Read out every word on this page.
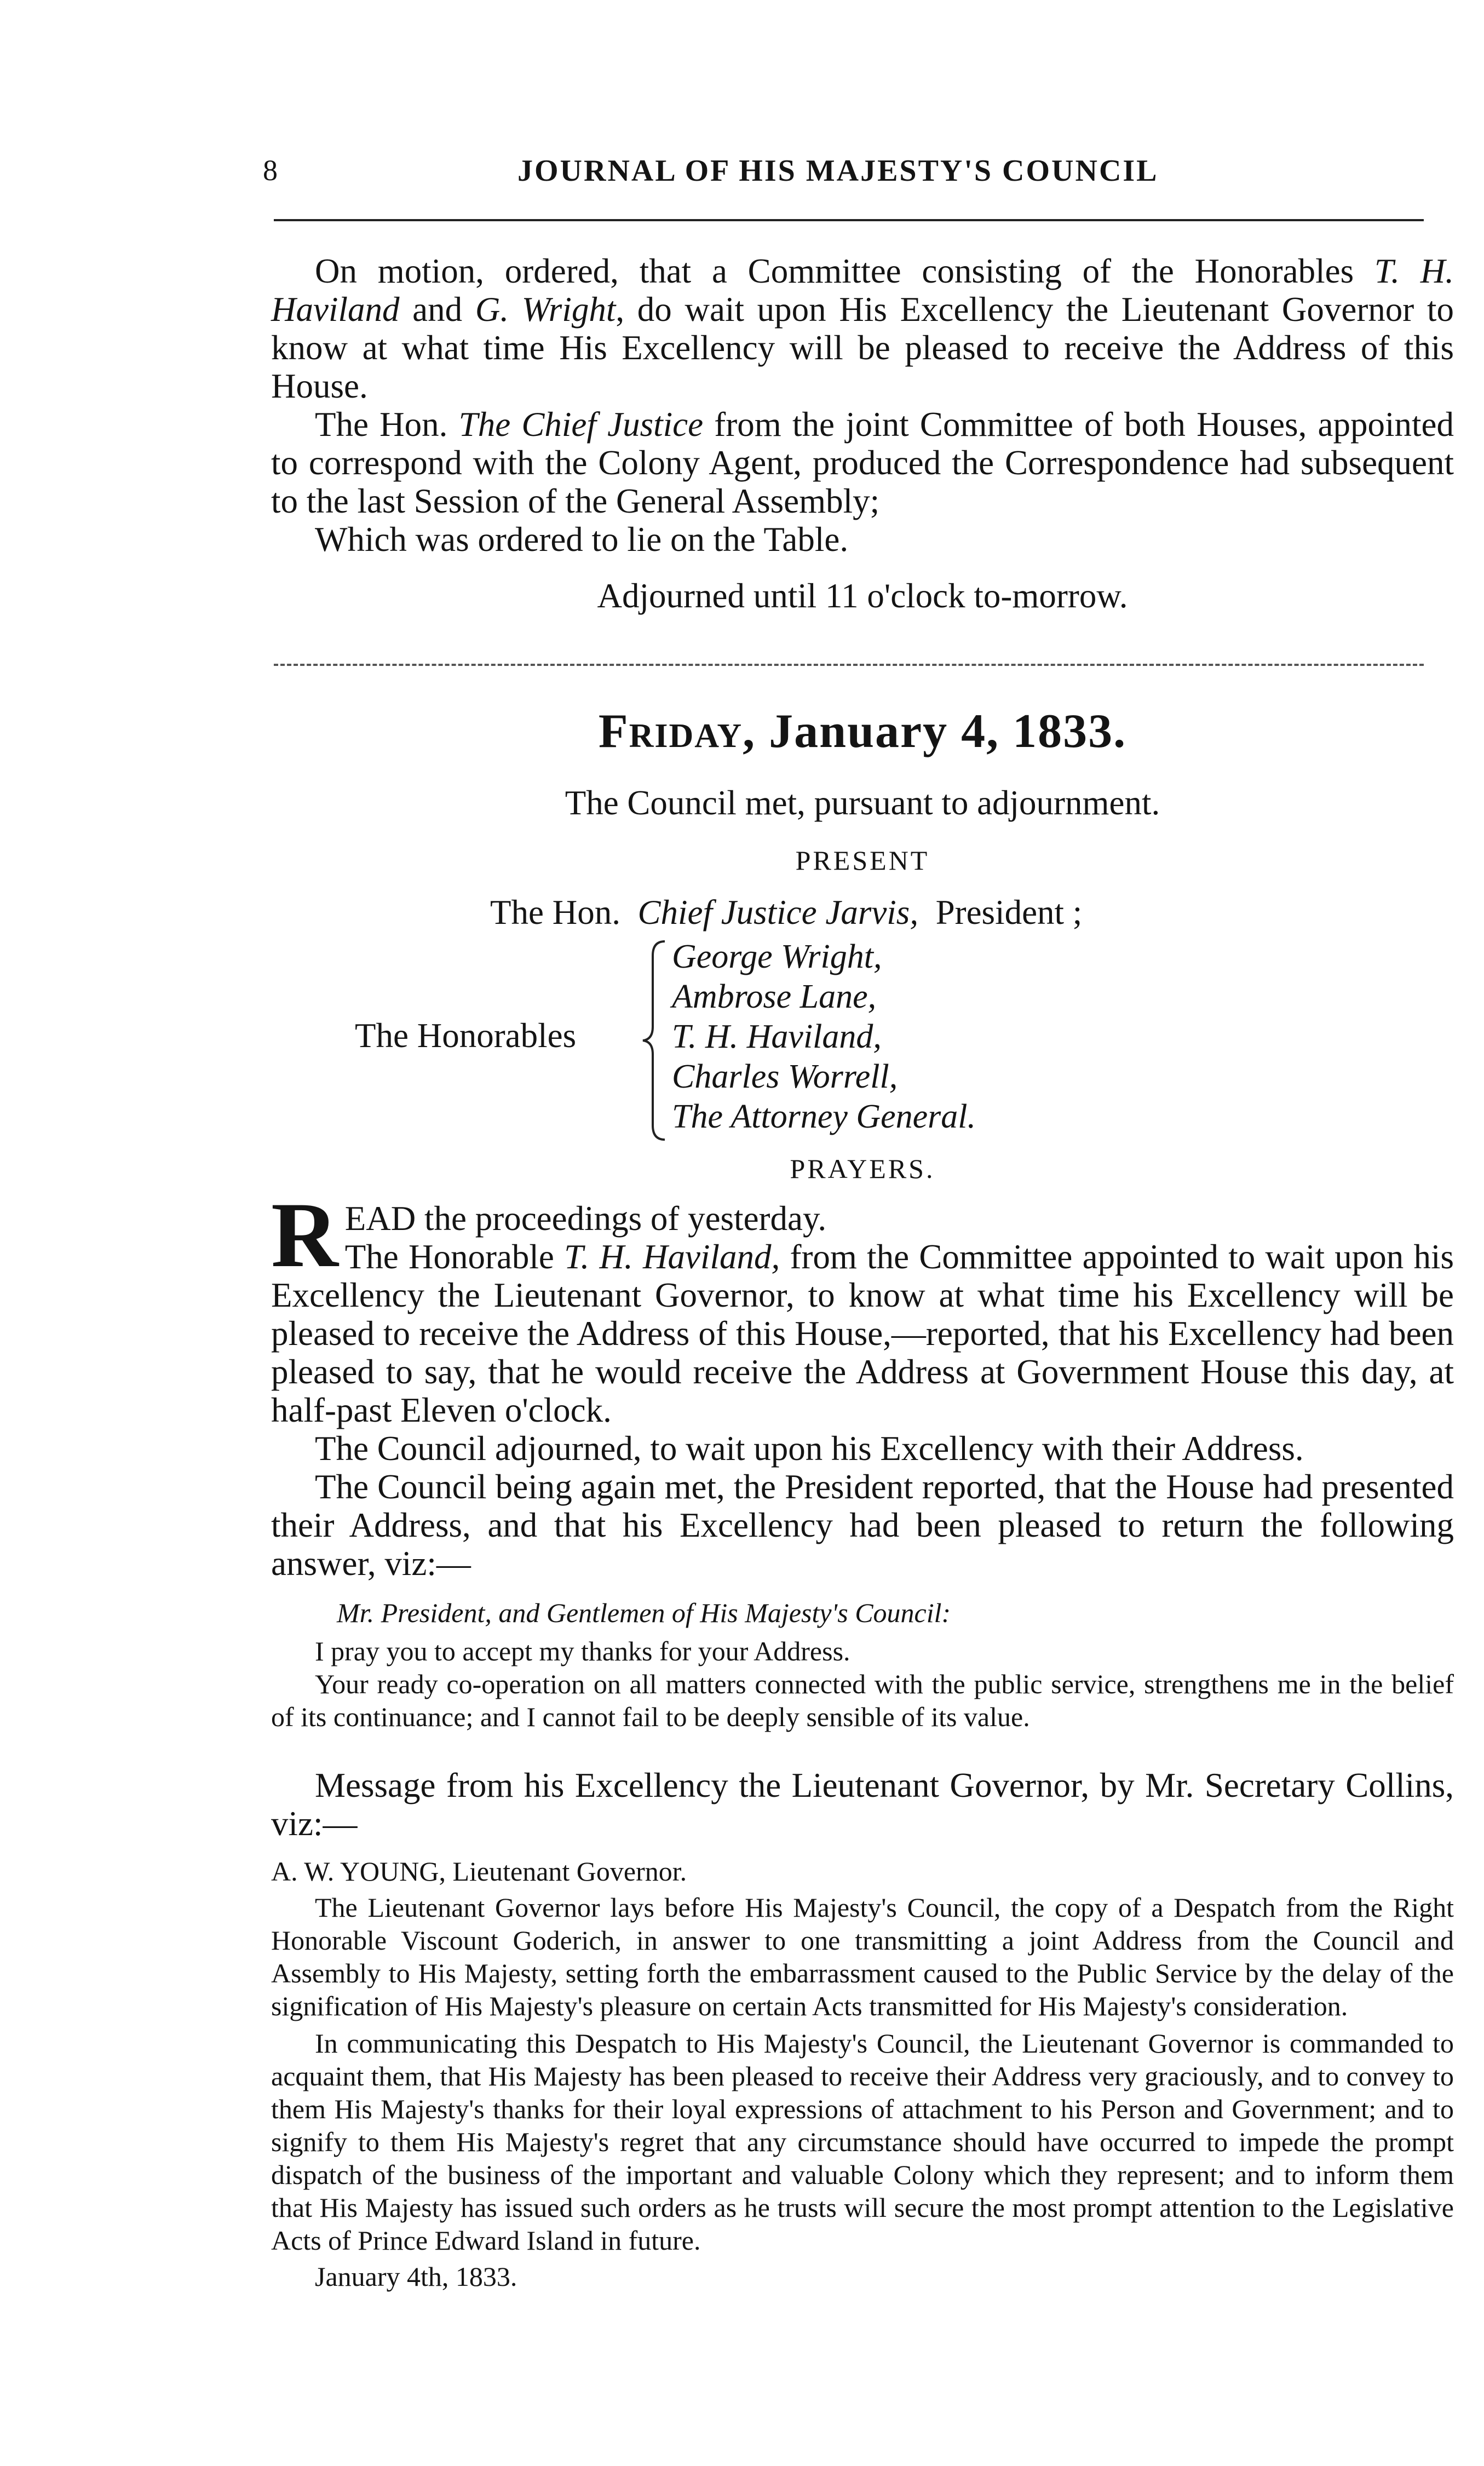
8	JOURNAL OF HIS MAJESTY'S COUNCIL

On motion, ordered, that a Committee consisting of the Honorables T. H. Haviland and G. Wright, do wait upon His Excellency the Lieutenant Governor to know at what time His Excellency will be pleased to receive the Address of this House.

The Hon. The Chief Justice from the joint Committee of both Houses, appointed to correspond with the Colony Agent, produced the Correspondence had subsequent to the last Session of the General Assembly;

Which was ordered to lie on the Table.

Adjourned until 11 o'clock to-morrow.
Friday, January 4, 1833.
The Council met, pursuant to adjournment.
PRESENT
The Hon. Chief Justice Jarvis, President ;
The Honorables
George Wright,
Ambrose Lane,
T. H. Haviland,
Charles Worrell,
The Attorney General.
PRAYERS.
R EAD the proceedings of yesterday.

The Honorable T. H. Haviland, from the Committee appointed to wait upon his Excellency the Lieutenant Governor, to know at what time his Excellency will be pleased to receive the Address of this House,—reported, that his Excellency had been pleased to say, that he would receive the Address at Government House this day, at half-past Eleven o'clock.

The Council adjourned, to wait upon his Excellency with their Address.

The Council being again met, the President reported, that the House had presented their Address, and that his Excellency had been pleased to return the following answer, viz:—

Mr. President, and Gentlemen of His Majesty's Council:

I pray you to accept my thanks for your Address.

Your ready co-operation on all matters connected with the public service, strengthens me in the belief of its continuance; and I cannot fail to be deeply sensible of its value.

Message from his Excellency the Lieutenant Governor, by Mr. Secretary Collins, viz:—

A. W. YOUNG, Lieutenant Governor.

The Lieutenant Governor lays before His Majesty's Council, the copy of a Despatch from the Right Honorable Viscount Goderich, in answer to one transmitting a joint Address from the Council and Assembly to His Majesty, setting forth the embarrassment caused to the Public Service by the delay of the signification of His Majesty's pleasure on certain Acts transmitted for His Majesty's consideration.

In communicating this Despatch to His Majesty's Council, the Lieutenant Governor is commanded to acquaint them, that His Majesty has been pleased to receive their Address very graciously, and to convey to them His Majesty's thanks for their loyal expressions of attachment to his Person and Government; and to signify to them His Majesty's regret that any circumstance should have occurred to impede the prompt dispatch of the business of the important and valuable Colony which they represent; and to inform them that His Majesty has issued such orders as he trusts will secure the most prompt attention to the Legislative Acts of Prince Edward Island in future.

January 4th, 1833.
